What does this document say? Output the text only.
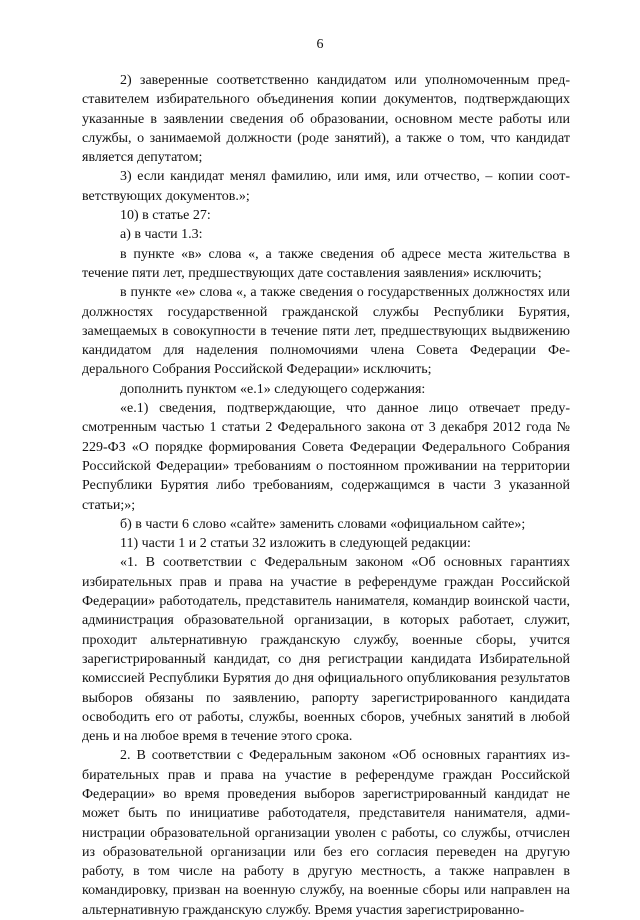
6

2) заверенные соответственно кандидатом или уполномоченным представителем избирательного объединения копии документов, подтверждающих указанные в заявлении сведения об образовании, основном месте работы или службы, о занимаемой должности (роде занятий), а также о том, что кандидат является депутатом;

3) если кандидат менял фамилию, или имя, или отчество, – копии соответствующих документов.»;

10) в статье 27:

а) в части 1.3:

в пункте «в» слова «, а также сведения об адресе места жительства в течение пяти лет, предшествующих дате составления заявления» исключить;

в пункте «е» слова «, а также сведения о государственных должностях или должностях государственной гражданской службы Республики Бурятия, замещаемых в совокупности в течение пяти лет, предшествующих выдвижению кандидатом для наделения полномочиями члена Совета Федерации Федерального Собрания Российской Федерации» исключить;

дополнить пунктом «е.1» следующего содержания:

«е.1) сведения, подтверждающие, что данное лицо отвечает предусмотренным частью 1 статьи 2 Федерального закона от 3 декабря 2012 года № 229-ФЗ «О порядке формирования Совета Федерации Федерального Собрания Российской Федерации» требованиям о постоянном проживании на территории Республики Бурятия либо требованиям, содержащимся в части 3 указанной статьи;»;

б) в части 6 слово «сайте» заменить словами «официальном сайте»;

11) части 1 и 2 статьи 32 изложить в следующей редакции:

«1. В соответствии с Федеральным законом «Об основных гарантиях избирательных прав и права на участие в референдуме граждан Российской Федерации» работодатель, представитель нанимателя, командир воинской части, администрация образовательной организации, в которых работает, служит, проходит альтернативную гражданскую службу, военные сборы, учится зарегистрированный кандидат, со дня регистрации кандидата Избирательной комиссией Республики Бурятия до дня официального опубликования результатов выборов обязаны по заявлению, рапорту зарегистрированного кандидата освободить его от работы, службы, военных сборов, учебных занятий в любой день и на любое время в течение этого срока.

2. В соответствии с Федеральным законом «Об основных гарантиях избирательных прав и права на участие в референдуме граждан Российской Федерации» во время проведения выборов зарегистрированный кандидат не может быть по инициативе работодателя, представителя нанимателя, администрации образовательной организации уволен с работы, со службы, отчислен из образовательной организации или без его согласия переведен на другую работу, в том числе на работу в другую местность, а также направлен в командировку, призван на военную службу, на военные сборы или направлен на альтернативную гражданскую службу. Время участия зарегистрированно-
